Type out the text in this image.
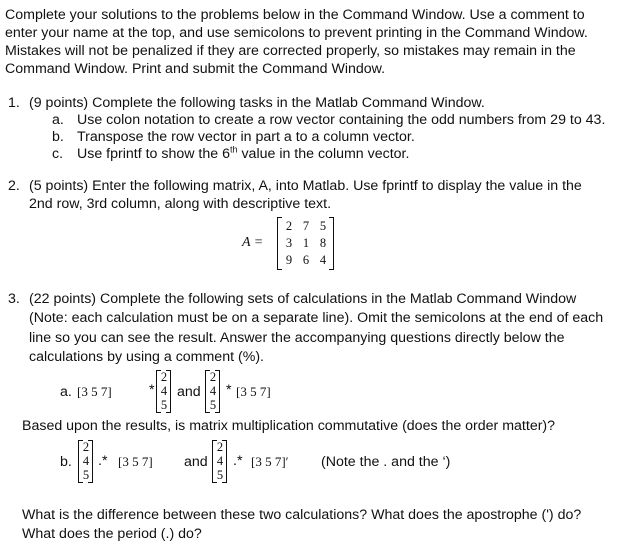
Complete your solutions to the problems below in the Command Window. Use a comment to
enter your name at the top, and use semicolons to prevent printing in the Command Window.
Mistakes will not be penalized if they are corrected properly, so mistakes may remain in the
Command Window. Print and submit the Command Window.
1. (9 points) Complete the following tasks in the Matlab Command Window.
a. Use colon notation to create a row vector containing the odd numbers from 29 to 43.
b. Transpose the row vector in part a to a column vector.
c. Use fprintf to show the 6th value in the column vector.
2. (5 points) Enter the following matrix, A, into Matlab. Use fprintf to display the value in the
2nd row, 3rd column, along with descriptive text.
A =
2 7 5
3 1 8
9 6 4
3. (22 points) Complete the following sets of calculations in the Matlab Command Window
(Note: each calculation must be on a separate line). Omit the semicolons at the end of each
line so you can see the result. Answer the accompanying questions directly below the
calculations by using a comment (%).
a. [3 5 7]	*
2
4
5
and
2
4
5
* [3 5 7]
Based upon the results, is matrix multiplication commutative (does the order matter)?
b.
2
4
5
.* [3 5 7] and
2
4
5
.* [3 5 7]′ (Note the . and the ‘)
What is the difference between these two calculations? What does the apostrophe (') do?
What does the period (.) do?
